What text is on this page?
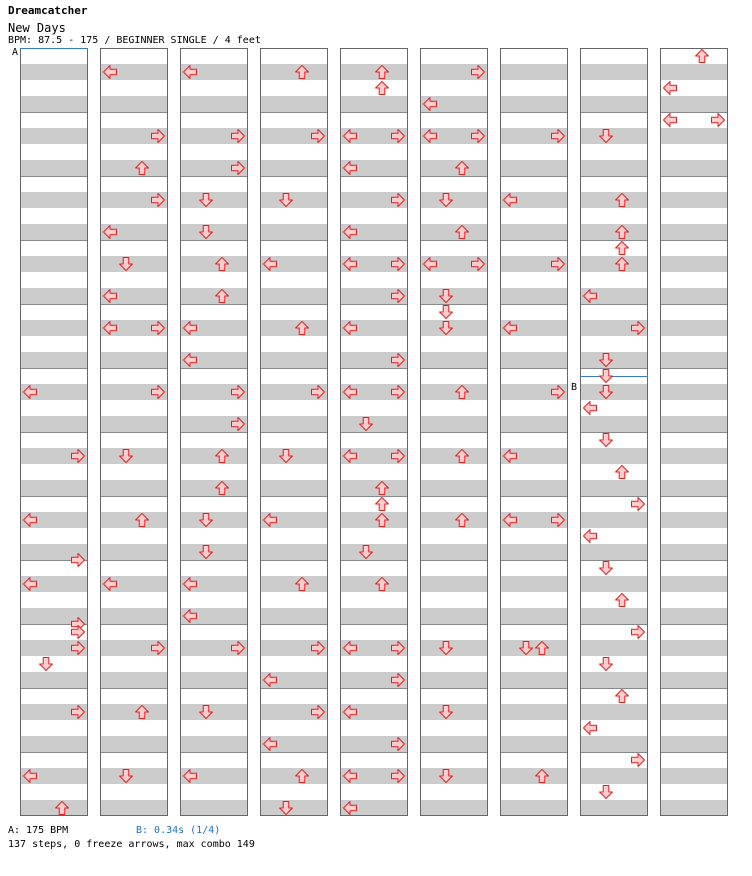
Dreamcatcher
New Days
BPM: 87.5 - 175 / BEGINNER SINGLE / 4 feet
A
B
A: 175 BPM	B: 0.34s (1/4)
137 steps, 0 freeze arrows, max combo 149
